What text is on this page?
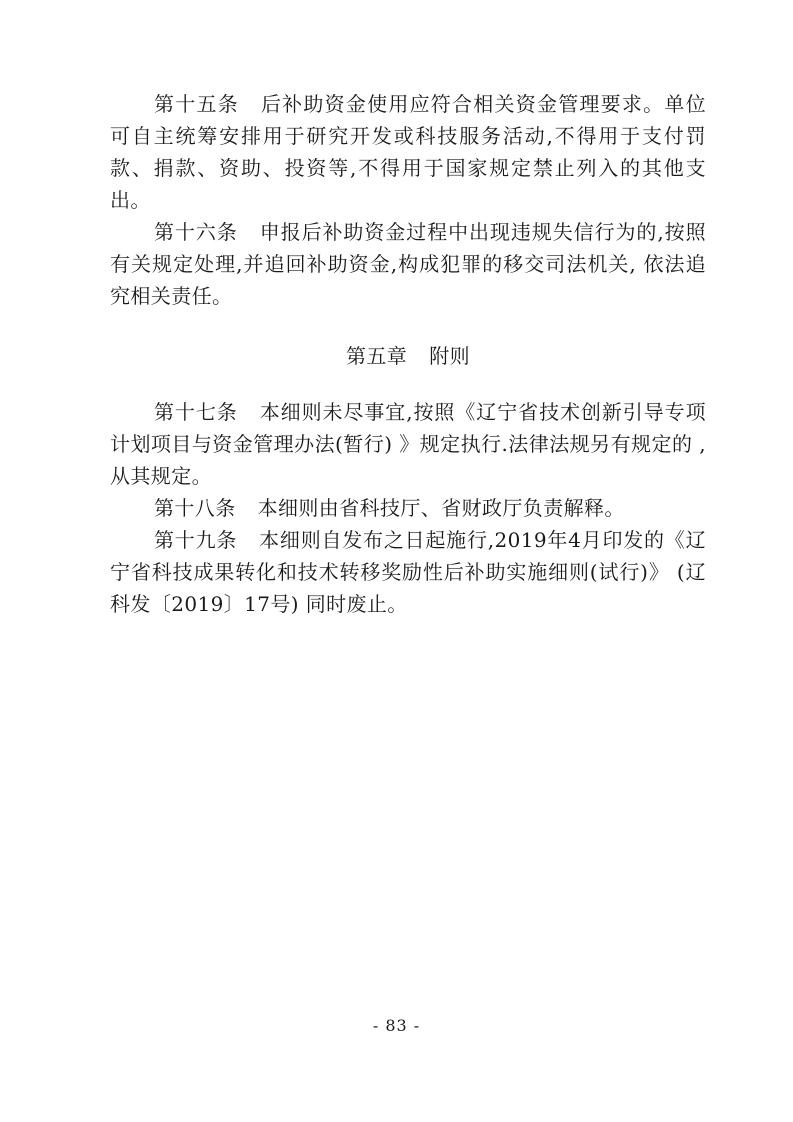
第十五条 后补助资金使用应符合相关资金管理要求。单位可自主统筹安排用于研究开发或科技服务活动,不得用于支付罚款、捐款、资助、投资等,不得用于国家规定禁止列入的其他支出。

第十六条 申报后补助资金过程中出现违规失信行为的,按照有关规定处理,并追回补助资金,构成犯罪的移交司法机关, 依法追究相关责任。

第五章 附则

第十七条 本细则未尽事宜,按照《辽宁省技术创新引导专项计划项目与资金管理办法(暂行) 》规定执行.法律法规另有规定的 ,从其规定。

第十八条 本细则由省科技厅、省财政厅负责解释。

第十九条 本细则自发布之日起施行,2019年4月印发的《辽宁省科技成果转化和技术转移奖励性后补助实施细则(试行)》 (辽科发〔2019〕17号) 同时废止。

- 83 -
